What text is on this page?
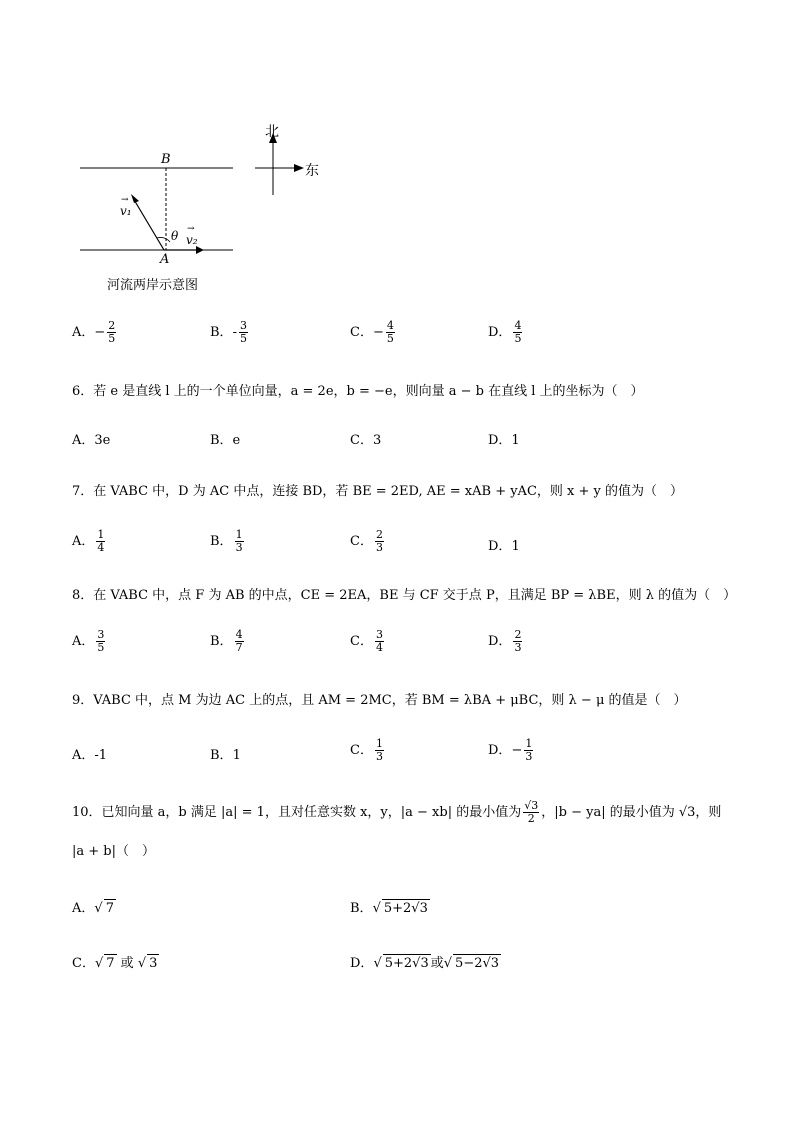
北
东
B
A
v₁
→
v₂
→
θ
河流两岸示意图
A．− $\frac{2}{5}$	B．- $\frac{3}{5}$	C．− $\frac{4}{5}$	D． $\frac{4}{5}$
6．若 e 是直线 l 上的一个单位向量，a = 2e，b = −e，则向量 a − b 在直线 l 上的坐标为（　）
A．3e	B．e	C．3	D．1
7．在 VABC 中，D 为 AC 中点，连接 BD，若 BE = 2ED, AE = xAB + yAC，则 x + y 的值为（　）
A． $\frac{1}{4}$	B． $\frac{1}{3}$	C． $\frac{2}{3}$	D．1
8．在 VABC 中，点 F 为 AB 的中点，CE = 2EA，BE 与 CF 交于点 P，且满足 BP = λBE，则 λ 的值为（　）
A． $\frac{3}{5}$	B． $\frac{4}{7}$	C． $\frac{3}{4}$	D． $\frac{2}{3}$
9．VABC 中，点 M 为边 AC 上的点，且 AM = 2MC，若 BM = λBA + μBC，则 λ − μ 的值是（　）
A．-1	B．1	C． $\frac{1}{3}$	D．− $\frac{1}{3}$
10．已知向量 a，b 满足 |a| = 1，且对任意实数 x，y，|a − xb| 的最小值为 $\frac{√3}{2}$ ，|b − ya| 的最小值为 √3，则
|a + b|（　）
A．√ 7	B．√ 5+2√3
C．√ 7 或 √ 3	D．√ 5+2√3 或√ 5−2√3
